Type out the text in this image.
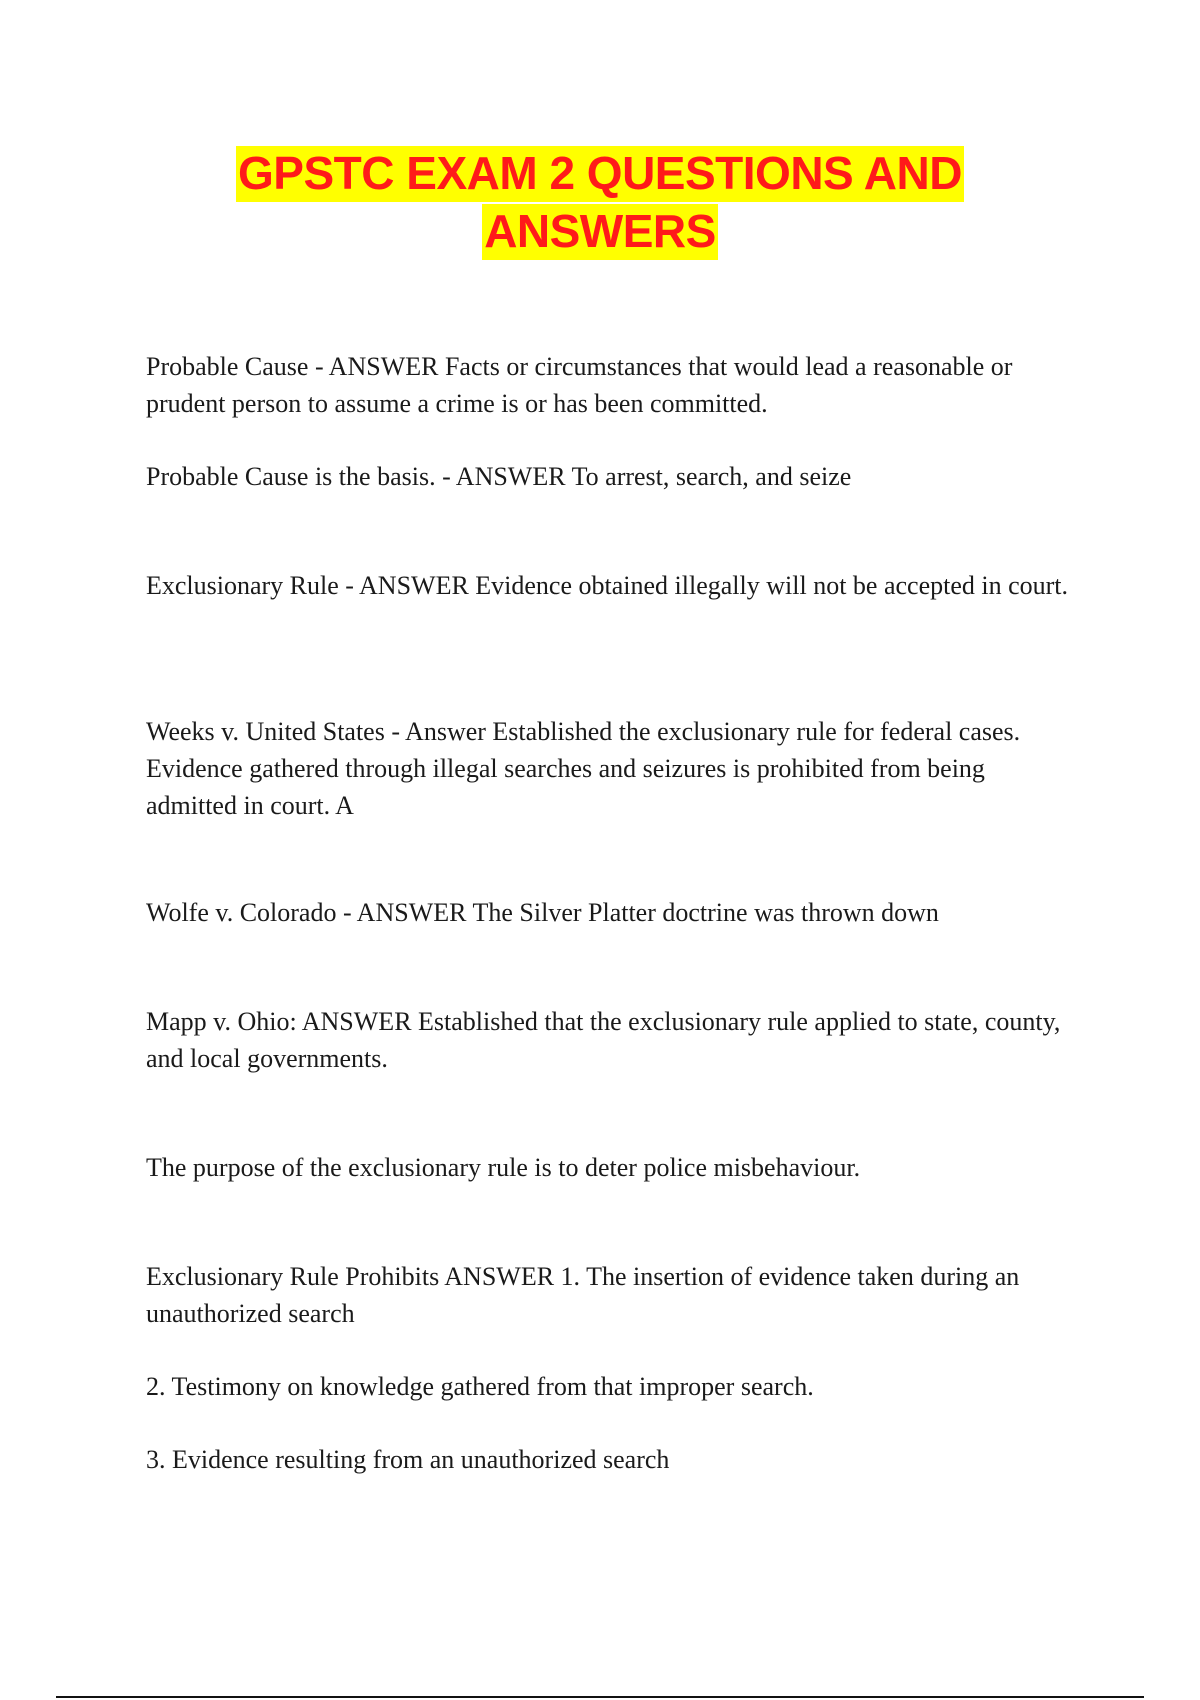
GPSTC EXAM 2 QUESTIONS AND
ANSWERS

Probable Cause - ANSWER Facts or circumstances that would lead a reasonable or prudent person to assume a crime is or has been committed.

Probable Cause is the basis. - ANSWER To arrest, search, and seize

Exclusionary Rule - ANSWER Evidence obtained illegally will not be accepted in court.

Weeks v. United States - Answer Established the exclusionary rule for federal cases. Evidence gathered through illegal searches and seizures is prohibited from being admitted in court. A

Wolfe v. Colorado - ANSWER The Silver Platter doctrine was thrown down

Mapp v. Ohio: ANSWER Established that the exclusionary rule applied to state, county, and local governments.

The purpose of the exclusionary rule is to deter police misbehaviour.

Exclusionary Rule Prohibits ANSWER 1. The insertion of evidence taken during an unauthorized search

2. Testimony on knowledge gathered from that improper search.

3. Evidence resulting from an unauthorized search
